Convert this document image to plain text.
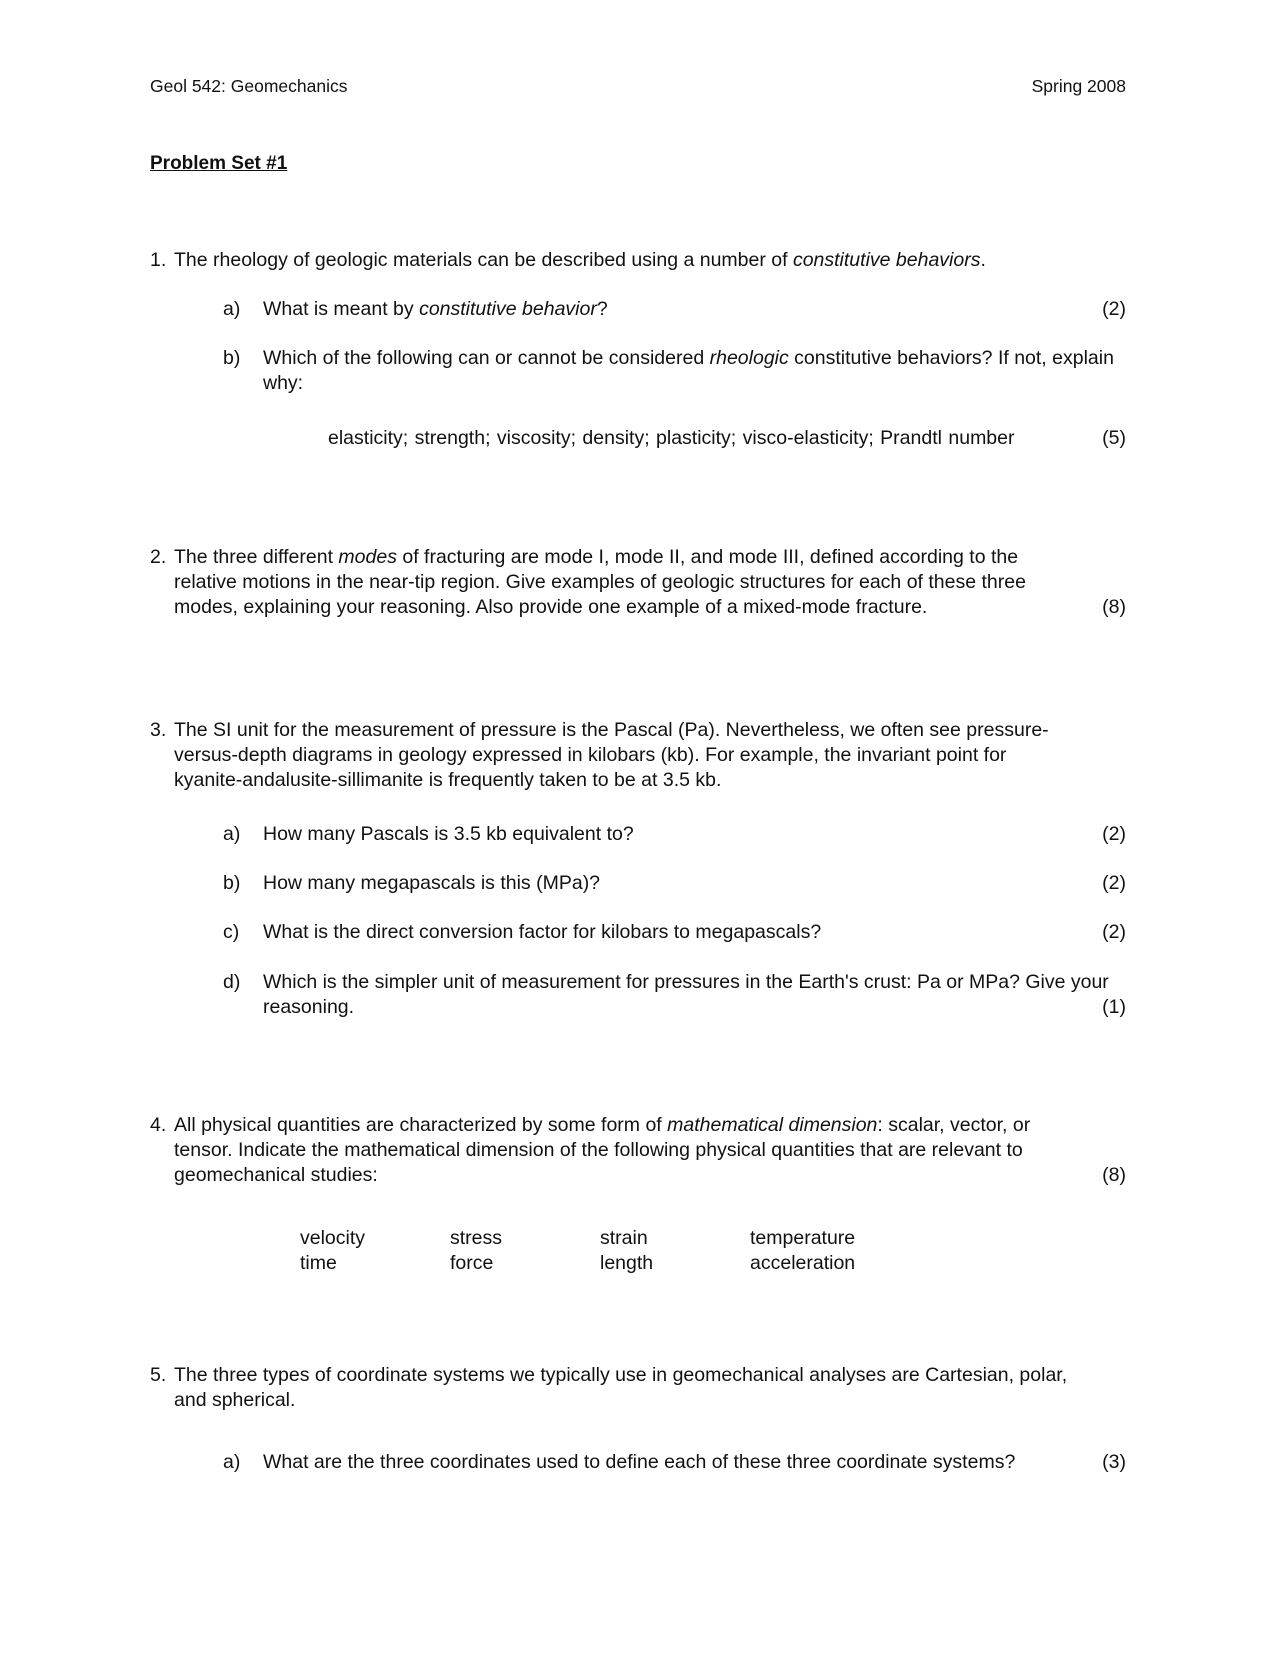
Geol 542: Geomechanics	Spring 2008
Problem Set #1
1. The rheology of geologic materials can be described using a number of constitutive behaviors.
a) What is meant by constitutive behavior?	(2)
b) Which of the following can or cannot be considered rheologic constitutive behaviors? If not, explain why:
elasticity; strength; viscosity; density; plasticity; visco-elasticity; Prandtl number	(5)
2. The three different modes of fracturing are mode I, mode II, and mode III, defined according to the relative motions in the near-tip region. Give examples of geologic structures for each of these three modes, explaining your reasoning. Also provide one example of a mixed-mode fracture.	(8)
3. The SI unit for the measurement of pressure is the Pascal (Pa). Nevertheless, we often see pressure-versus-depth diagrams in geology expressed in kilobars (kb). For example, the invariant point for kyanite-andalusite-sillimanite is frequently taken to be at 3.5 kb.
a) How many Pascals is 3.5 kb equivalent to?	(2)
b) How many megapascals is this (MPa)?	(2)
c) What is the direct conversion factor for kilobars to megapascals?	(2)
d) Which is the simpler unit of measurement for pressures in the Earth's crust: Pa or MPa? Give your reasoning.	(1)
4. All physical quantities are characterized by some form of mathematical dimension: scalar, vector, or tensor. Indicate the mathematical dimension of the following physical quantities that are relevant to geomechanical studies:	(8)
velocity	stress	strain	temperature
time	force	length	acceleration
5. The three types of coordinate systems we typically use in geomechanical analyses are Cartesian, polar, and spherical.
a) What are the three coordinates used to define each of these three coordinate systems?	(3)
